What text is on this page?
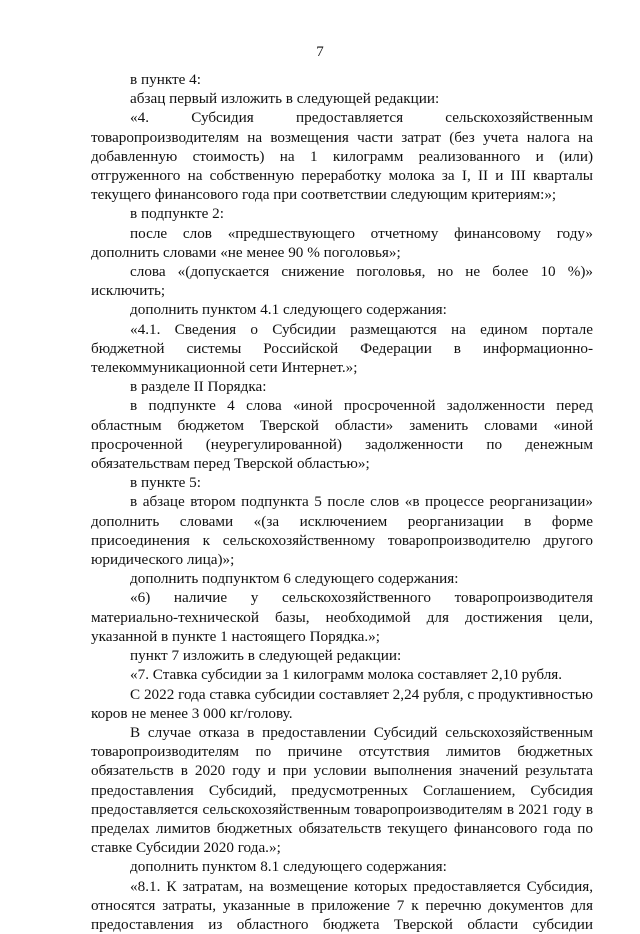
7

в пункте 4:

абзац первый изложить в следующей редакции:

«4. Субсидия предоставляется сельскохозяйственным товаропроизводителям на возмещения части затрат (без учета налога на добавленную стоимость) на 1 килограмм реализованного и (или) отгруженного на собственную переработку молока за I, II и III кварталы текущего финансового года при соответствии следующим критериям:»;

в подпункте 2:

после слов «предшествующего отчетному финансовому году» дополнить словами «не менее 90 % поголовья»;

слова «(допускается снижение поголовья, но не более 10 %)» исключить;

дополнить пунктом 4.1 следующего содержания:

«4.1. Сведения о Субсидии размещаются на едином портале бюджетной системы Российской Федерации в информационно-телекоммуникационной сети Интернет.»;

в разделе II Порядка:

в подпункте 4 слова «иной просроченной задолженности перед областным бюджетом Тверской области» заменить словами «иной просроченной (неурегулированной) задолженности по денежным обязательствам перед Тверской областью»;

в пункте 5:

в абзаце втором подпункта 5 после слов «в процессе реорганизации» дополнить словами «(за исключением реорганизации в форме присоединения к сельскохозяйственному товаропроизводителю другого юридического лица)»;

дополнить подпунктом 6 следующего содержания:

«6) наличие у сельскохозяйственного товаропроизводителя материально-технической базы, необходимой для достижения цели, указанной в пункте 1 настоящего Порядка.»;

пункт 7 изложить в следующей редакции:

«7. Ставка субсидии за 1 килограмм молока составляет 2,10 рубля.

С 2022 года ставка субсидии составляет 2,24 рубля, с продуктивностью коров не менее 3 000 кг/голову.

В случае отказа в предоставлении Субсидий сельскохозяйственным товаропроизводителям по причине отсутствия лимитов бюджетных обязательств в 2020 году и при условии выполнения значений результата предоставления Субсидий, предусмотренных Соглашением, Субсидия предоставляется сельскохозяйственным товаропроизводителям в 2021 году в пределах лимитов бюджетных обязательств текущего финансового года по ставке Субсидии 2020 года.»;

дополнить пунктом 8.1 следующего содержания:

«8.1. К затратам, на возмещение которых предоставляется Субсидия, относятся затраты, указанные в приложение 7 к перечню документов для предоставления из областного бюджета Тверской области субсидии
